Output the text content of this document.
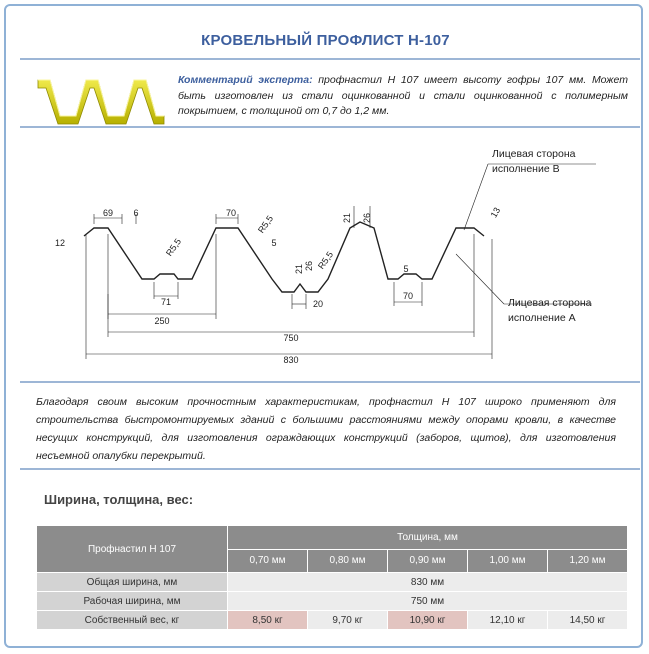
КРОВЕЛЬНЫЙ ПРОФЛИСТ Н-107
Комментарий эксперта: профнастил Н 107 имеет высоту гофры 107 мм. Может быть изготовлен из стали оцинкованной и стали оцинкованной с полимерным покрытием, с толщиной от 0,7 до 1,2 мм.
69 6	70
12	R5,5
R5,5
5
71
250
21 26
21 26
R5,5
20
5
70
13
750
830
Лицевая сторона
исполнение В
Лицевая сторона
исполнение А
Благодаря своим высоким прочностным характеристикам, профнастил Н 107 широко применяют для строительства быстромонтируемых зданий с большими расстояниями между опорами кровли, в качестве несущих конструкций, для изготовления ограждающих конструкций (заборов, щитов), для изготовления несъемной опалубки перекрытий.
Ширина, толщина, вес:
Профнастил Н 107	Толщина, мм				
	0,70 мм	0,80 мм	0,90 мм	1,00 мм	1,20 мм
Общая ширина, мм	830 мм				
Рабочая ширина, мм	750 мм				
Собственный вес, кг	8,50 кг	9,70 кг	10,90 кг	12,10 кг	14,50 кг
